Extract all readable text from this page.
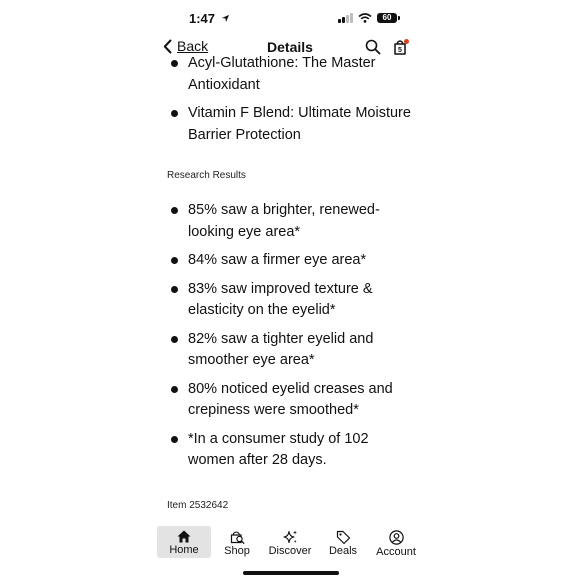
1:47	60
Back	Details	5
Acyl-Glutathione: The Master Antioxidant
Vitamin F Blend: Ultimate Moisture Barrier Protection
Research Results
85% saw a brighter, renewed-looking eye area*
84% saw a firmer eye area*
83% saw improved texture & elasticity on the eyelid*
82% saw a tighter eyelid and smoother eye area*
80% noticed eyelid creases and crepiness were smoothed*
*In a consumer study of 102 women after 28 days.
Item 2532642
Home	Shop	Discover	Deals	Account
